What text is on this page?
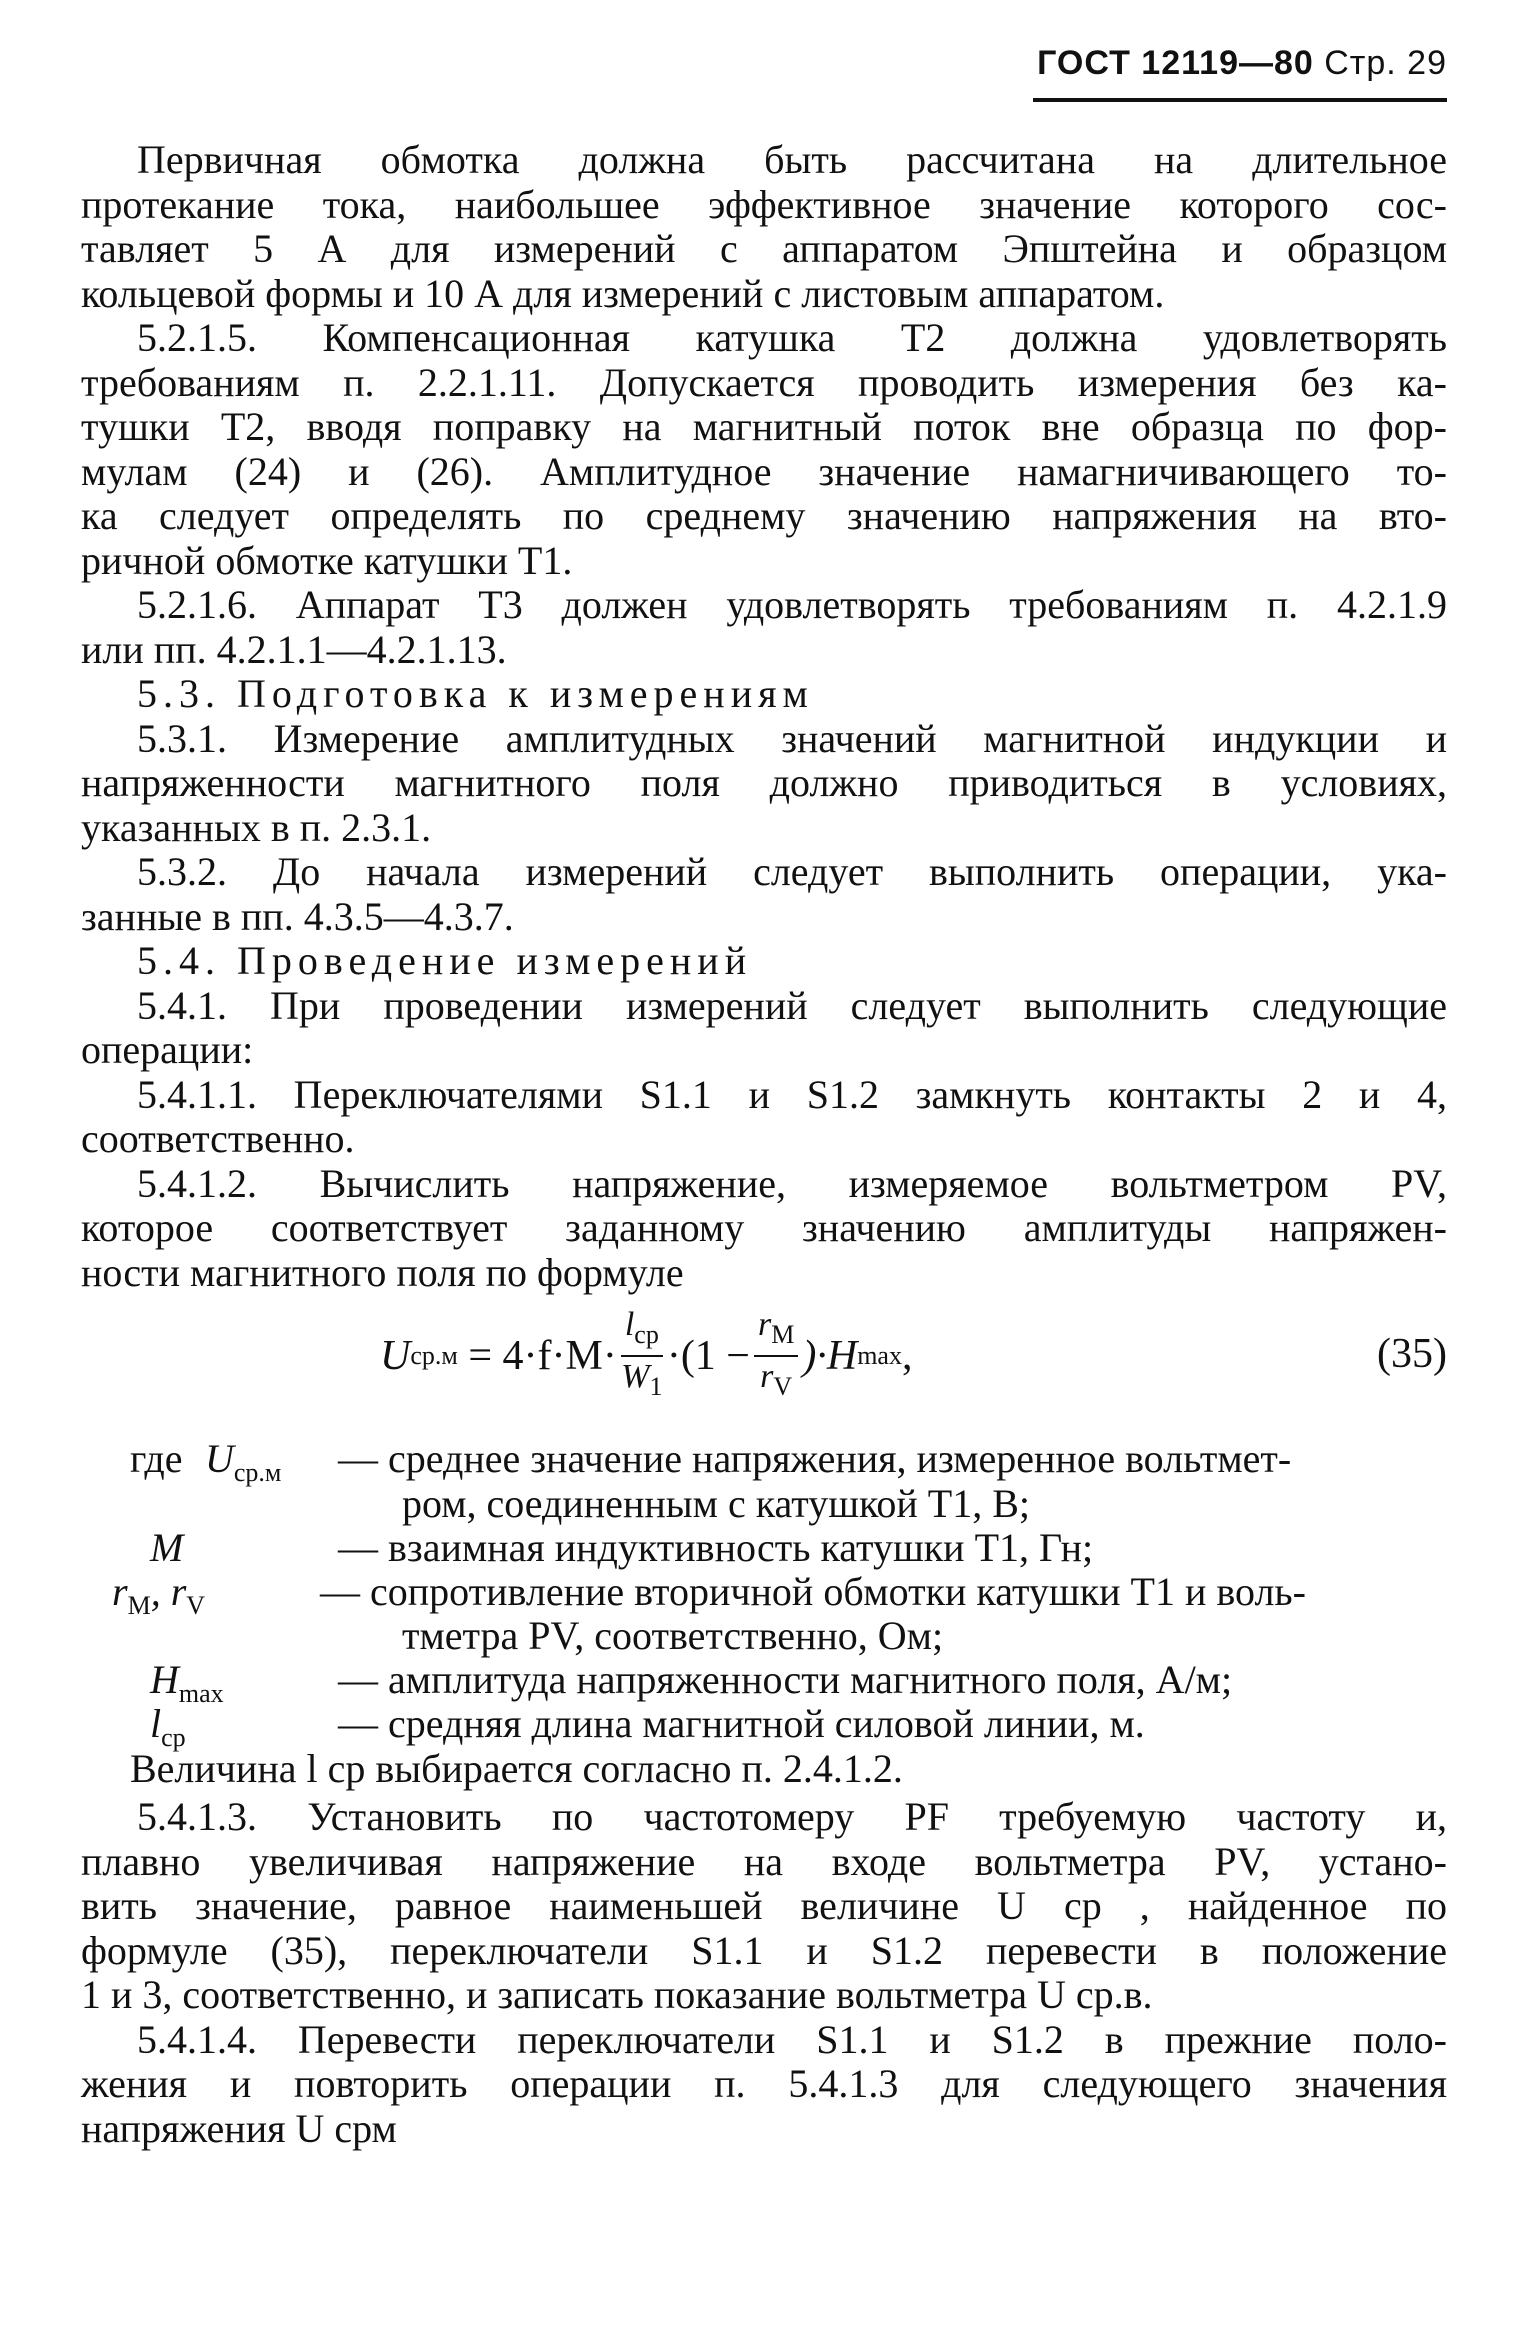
ГОСТ 12119—80 Стр. 29
Первичная обмотка должна быть рассчитана на длительное
протекание тока, наибольшее эффективное значение которого сос-
тавляет 5 А для измерений с аппаратом Эпштейна и образцом
кольцевой формы и 10 А для измерений с листовым аппаратом.
5.2.1.5. Компенсационная катушка Т2 должна удовлетворять
требованиям п. 2.2.1.11. Допускается проводить измерения без ка-
тушки Т2, вводя поправку на магнитный поток вне образца по фор-
мулам (24) и (26). Амплитудное значение намагничивающего то-
ка следует определять по среднему значению напряжения на вто-
ричной обмотке катушки Т1.
5.2.1.6. Аппарат Т3 должен удовлетворять требованиям п. 4.2.1.9
или пп. 4.2.1.1—4.2.1.13.
5.3. Подготовка к измерениям
5.3.1. Измерение амплитудных значений магнитной индукции и
напряженности магнитного поля должно приводиться в условиях,
указанных в п. 2.3.1.
5.3.2. До начала измерений следует выполнить операции, ука-
занные в пп. 4.3.5—4.3.7.
5.4. Проведение измерений
5.4.1. При проведении измерений следует выполнить следующие
операции:
5.4.1.1. Переключателями S1.1 и S1.2 замкнуть контакты 2 и 4,
соответственно.
5.4.1.2. Вычислить напряжение, измеряемое вольтметром PV,
которое соответствует заданному значению амплитуды напряжен-
ности магнитного поля по формуле
U $ср.м = 4\cdot f\cdot M\cdot \frac{l_{ср}}{W_1} \cdot(1 - \frac{r_M}{r_V} )\cdot H$ max ,	(35)
где $U_{ср.м}$ — среднее значение напряжения, измеренное вольтмет-
ром, соединенным с катушкой Т1, В;
M	— взаимная индуктивность катушки Т1, Гн;
$r_M$, $r_V$	— сопротивление вторичной обмотки катушки Т1 и воль-
тметра PV, соответственно, Ом;
$H_{max}$	— амплитуда напряженности магнитного поля, А/м;
$l_{ср}$	— средняя длина магнитной силовой линии, м.
Величина l ср выбирается согласно п. 2.4.1.2.
5.4.1.3. Установить по частотомеру PF требуемую частоту и,
плавно увеличивая напряжение на входе вольтметра PV, устано-
вить значение, равное наименьшей величине U ср , найденное по
формуле (35), переключатели S1.1 и S1.2 перевести в положение
1 и 3, соответственно, и записать показание вольтметра U ср.в.
5.4.1.4. Перевести переключатели S1.1 и S1.2 в прежние поло-
жения и повторить операции п. 5.4.1.3 для следующего значения
напряжения U срм
